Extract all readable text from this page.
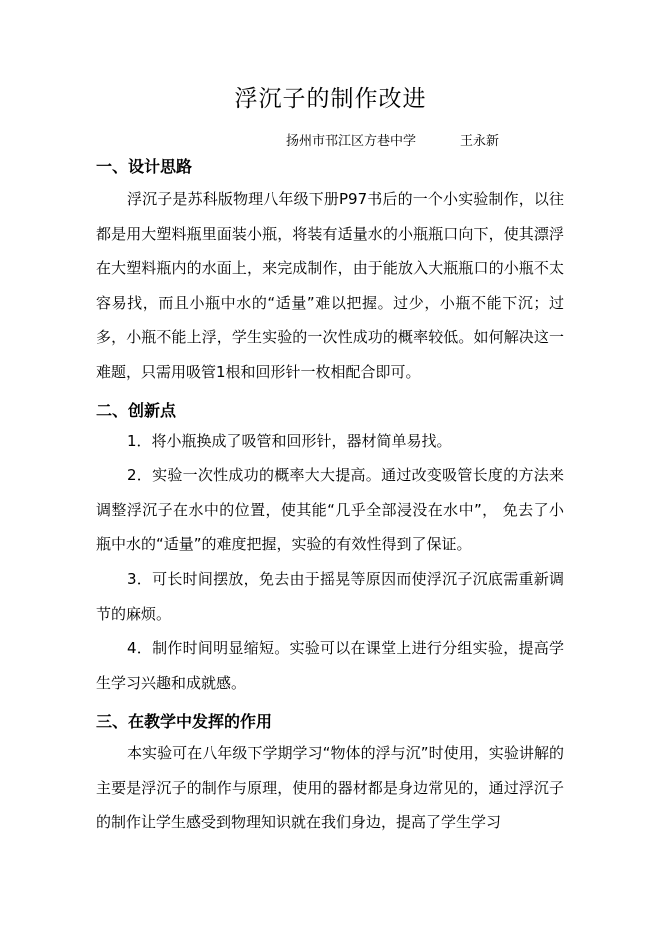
浮沉子的制作改进
扬州市邗江区方巷中学	王永新
一、设计思路

浮沉子是苏科版物理八年级下册P97书后的一个小实验制作，以往都是用大塑料瓶里面装小瓶，将装有适量水的小瓶瓶口向下，使其漂浮在大塑料瓶内的水面上，来完成制作，由于能放入大瓶瓶口的小瓶不太容易找，而且小瓶中水的“适量”难以把握。过少，小瓶不能下沉；过多，小瓶不能上浮，学生实验的一次性成功的概率较低。如何解决这一难题，只需用吸管1根和回形针一枚相配合即可。

二、创新点

1．将小瓶换成了吸管和回形针，器材简单易找。

2．实验一次性成功的概率大大提高。通过改变吸管长度的方法来调整浮沉子在水中的位置，使其能“几乎全部浸没在水中”， 免去了小瓶中水的“适量”的难度把握，实验的有效性得到了保证。

3．可长时间摆放，免去由于摇晃等原因而使浮沉子沉底需重新调节的麻烦。

4．制作时间明显缩短。实验可以在课堂上进行分组实验，提高学生学习兴趣和成就感。

三、在教学中发挥的作用

本实验可在八年级下学期学习“物体的浮与沉”时使用，实验讲解的主要是浮沉子的制作与原理，使用的器材都是身边常见的，通过浮沉子的制作让学生感受到物理知识就在我们身边，提高了学生学习
